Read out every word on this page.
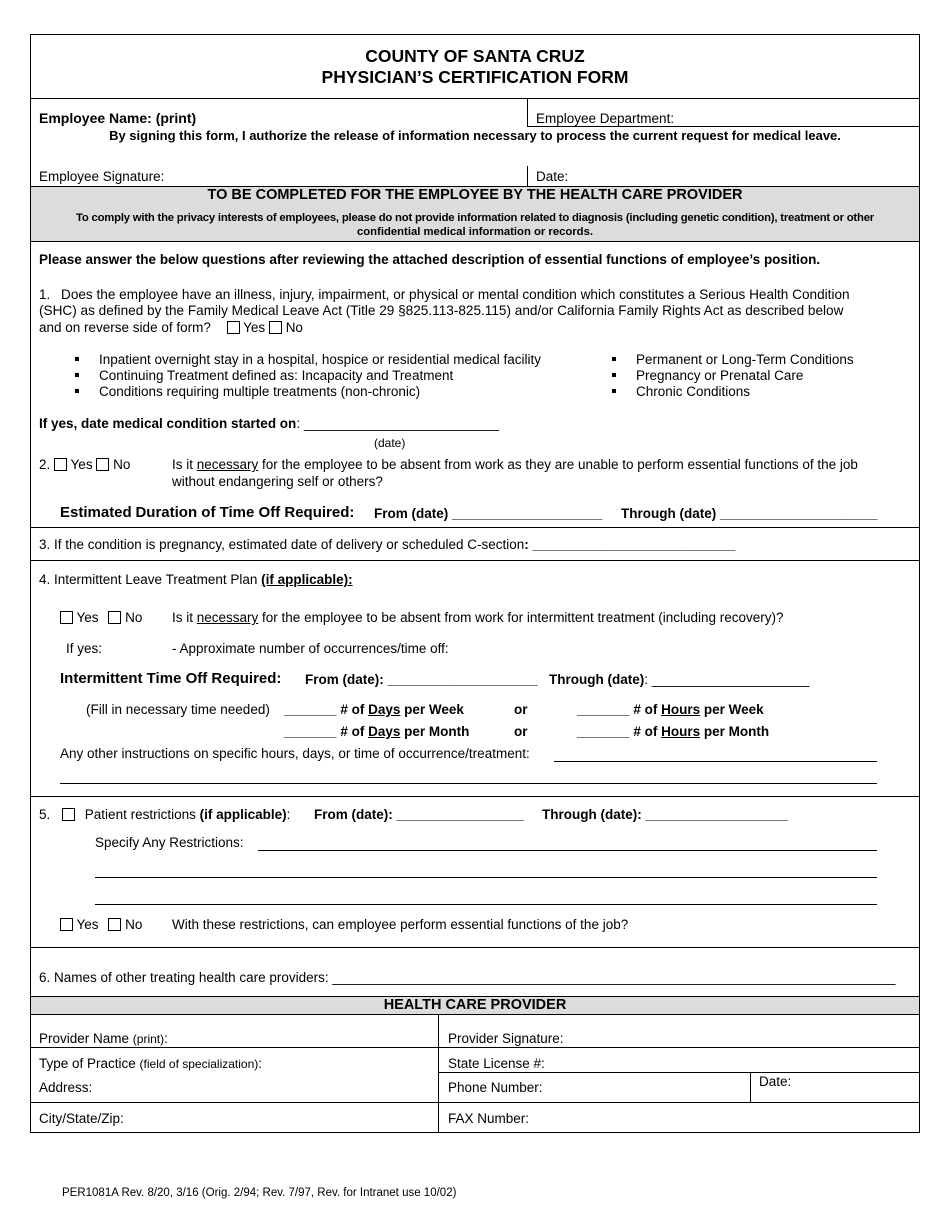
COUNTY OF SANTA CRUZ
PHYSICIAN’S CERTIFICATION FORM
Employee Name: (print)	Employee Department:
By signing this form, I authorize the release of information necessary to process the current request for medical leave.
Employee Signature:	Date:
TO BE COMPLETED FOR THE EMPLOYEE BY THE HEALTH CARE PROVIDER
To comply with the privacy interests of employees, please do not provide information related to diagnosis (including genetic condition), treatment or other
confidential medical information or records.
Please answer the below questions after reviewing the attached description of essential functions of employee’s position.
1. Does the employee have an illness, injury, impairment, or physical or mental condition which constitutes a Serious Health Condition
(SHC) as defined by the Family Medical Leave Act (Title 29 §825.113-825.115) and/or California Family Rights Act as described below
and on reverse side of form? Yes No
Inpatient overnight stay in a hospital, hospice or residential medical facility
Continuing Treatment defined as: Incapacity and Treatment
Conditions requiring multiple treatments (non-chronic)
Permanent or Long-Term Conditions
Pregnancy or Prenatal Care
Chronic Conditions
If yes, date medical condition started on: __________________________
(date)
2. Yes No	Is it necessary for the employee to be absent from work as they are unable to perform essential functions of the job
without endangering self or others?
Estimated Duration of Time Off Required: From (date) ____________________ Through (date) _____________________
3. If the condition is pregnancy, estimated date of delivery or scheduled C-section: ___________________________
4. Intermittent Leave Treatment Plan (if applicable):
Yes No Is it necessary for the employee to be absent from work for intermittent treatment (including recovery)?
If yes:	- Approximate number of occurrences/time off:
Intermittent Time Off Required: From (date): ____________________ Through (date): _____________________
(Fill in necessary time needed) _______ # of Days per Week	or	_______ # of Hours per Week
_______ # of Days per Month	or	_______ # of Hours per Month
Any other instructions on specific hours, days, or time of occurrence/treatment:
5.	Patient restrictions (if applicable): From (date): _________________ Through (date): ___________________
Specify Any Restrictions:
Yes No With these restrictions, can employee perform essential functions of the job?
6. Names of other treating health care providers: ___________________________________________________________________________
HEALTH CARE PROVIDER
Provider Name (print):	Provider Signature:
Type of Practice (field of specialization):	State License #:
Address:	Phone Number:	Date:
City/State/Zip:	FAX Number:
PER1081A Rev. 8/20, 3/16 (Orig. 2/94; Rev. 7/97, Rev. for Intranet use 10/02)
